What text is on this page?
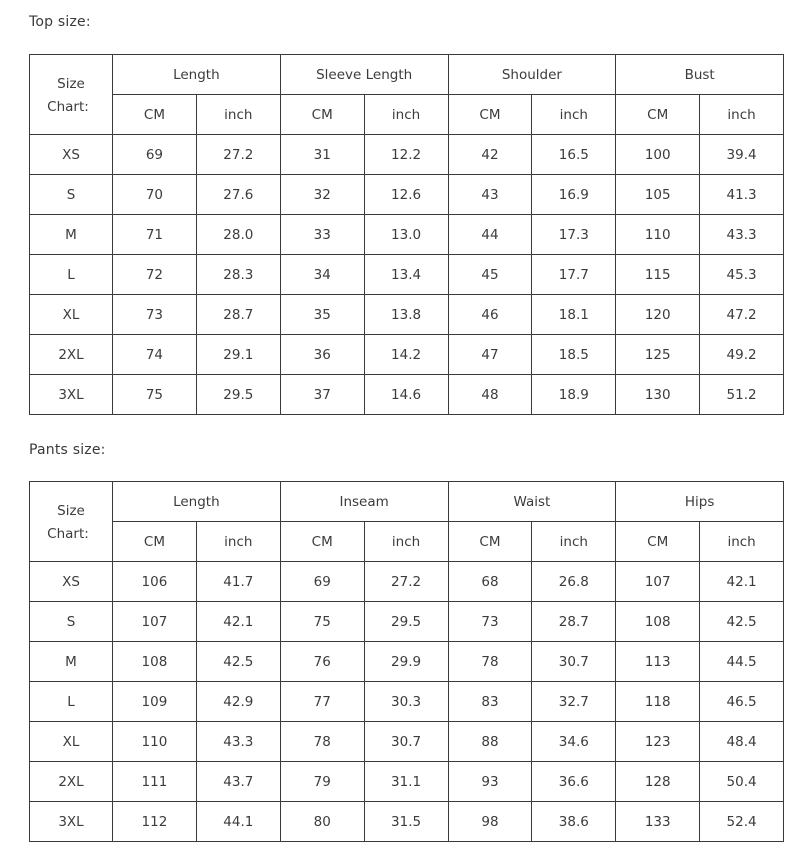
Top size:
Size
Chart:	Length		Sleeve Length		Shoulder		Bust	
	CM	inch	CM	inch	CM	inch	CM	inch
XS	69	27.2	31	12.2	42	16.5	100	39.4
S	70	27.6	32	12.6	43	16.9	105	41.3
M	71	28.0	33	13.0	44	17.3	110	43.3
L	72	28.3	34	13.4	45	17.7	115	45.3
XL	73	28.7	35	13.8	46	18.1	120	47.2
2XL	74	29.1	36	14.2	47	18.5	125	49.2
3XL	75	29.5	37	14.6	48	18.9	130	51.2
Pants size:
Size
Chart:	Length		Inseam		Waist		Hips	
	CM	inch	CM	inch	CM	inch	CM	inch
XS	106	41.7	69	27.2	68	26.8	107	42.1
S	107	42.1	75	29.5	73	28.7	108	42.5
M	108	42.5	76	29.9	78	30.7	113	44.5
L	109	42.9	77	30.3	83	32.7	118	46.5
XL	110	43.3	78	30.7	88	34.6	123	48.4
2XL	111	43.7	79	31.1	93	36.6	128	50.4
3XL	112	44.1	80	31.5	98	38.6	133	52.4
